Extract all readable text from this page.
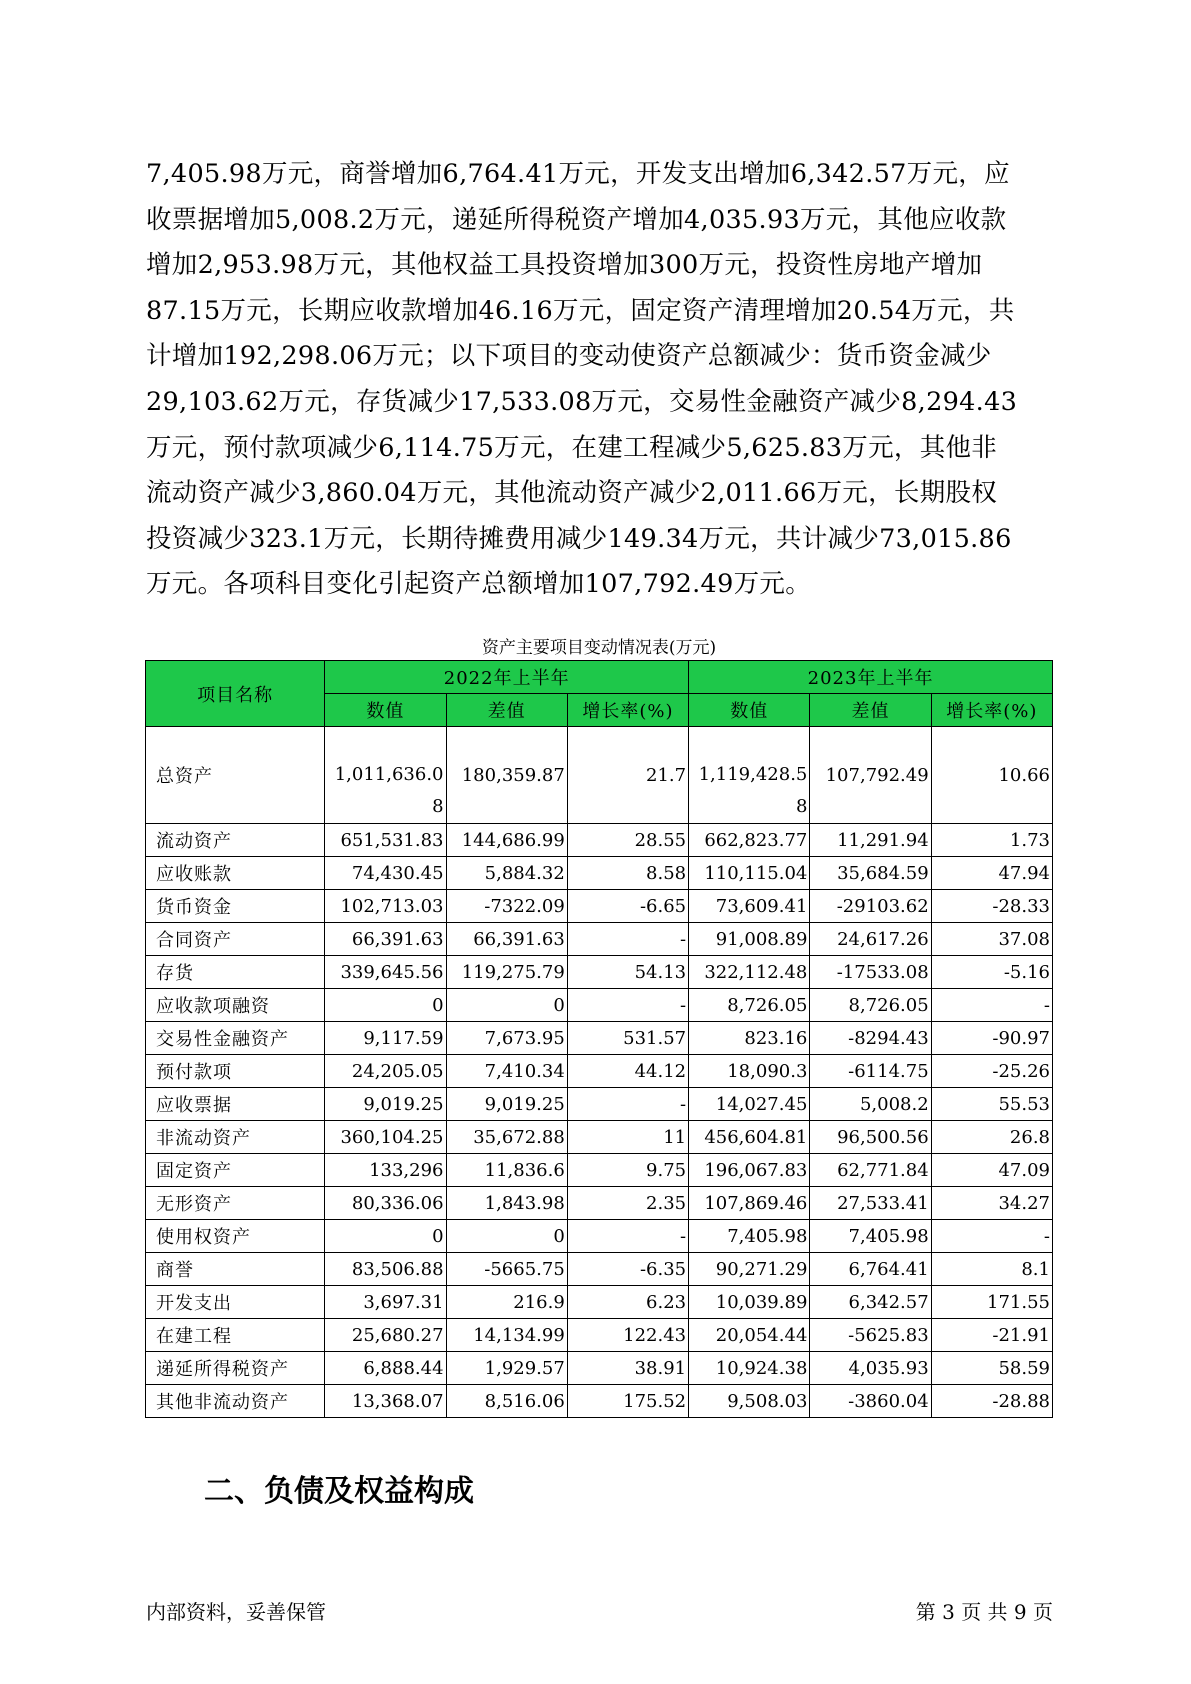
7,405.98万元，商誉增加6,764.41万元，开发支出增加6,342.57万元，应

收票据增加5,008.2万元，递延所得税资产增加4,035.93万元，其他应收款

增加2,953.98万元，其他权益工具投资增加300万元，投资性房地产增加

87.15万元，长期应收款增加46.16万元，固定资产清理增加20.54万元，共

计增加192,298.06万元；以下项目的变动使资产总额减少：货币资金减少

29,103.62万元，存货减少17,533.08万元，交易性金融资产减少8,294.43

万元，预付款项减少6,114.75万元，在建工程减少5,625.83万元，其他非

流动资产减少3,860.04万元，其他流动资产减少2,011.66万元，长期股权

投资减少323.1万元，长期待摊费用减少149.34万元，共计减少73,015.86

万元。各项科目变化引起资产总额增加107,792.49万元。

资产主要项目变动情况表(万元)
项目名称	2022年上半年			2023年上半年		
	数值	差值	增长率(%)	数值	差值	增长率(%)
总资产	1,011,636.08	180,359.87	21.7	1,119,428.58	107,792.49	10.66
流动资产	651,531.83	144,686.99	28.55	662,823.77	11,291.94	1.73
应收账款	74,430.45	5,884.32	8.58	110,115.04	35,684.59	47.94
货币资金	102,713.03	-7322.09	-6.65	73,609.41	-29103.62	-28.33
合同资产	66,391.63	66,391.63	-	91,008.89	24,617.26	37.08
存货	339,645.56	119,275.79	54.13	322,112.48	-17533.08	-5.16
应收款项融资	0	0	-	8,726.05	8,726.05	-
交易性金融资产	9,117.59	7,673.95	531.57	823.16	-8294.43	-90.97
预付款项	24,205.05	7,410.34	44.12	18,090.3	-6114.75	-25.26
应收票据	9,019.25	9,019.25	-	14,027.45	5,008.2	55.53
非流动资产	360,104.25	35,672.88	11	456,604.81	96,500.56	26.8
固定资产	133,296	11,836.6	9.75	196,067.83	62,771.84	47.09
无形资产	80,336.06	1,843.98	2.35	107,869.46	27,533.41	34.27
使用权资产	0	0	-	7,405.98	7,405.98	-
商誉	83,506.88	-5665.75	-6.35	90,271.29	6,764.41	8.1
开发支出	3,697.31	216.9	6.23	10,039.89	6,342.57	171.55
在建工程	25,680.27	14,134.99	122.43	20,054.44	-5625.83	-21.91
递延所得税资产	6,888.44	1,929.57	38.91	10,924.38	4,035.93	58.59
其他非流动资产	13,368.07	8,516.06	175.52	9,508.03	-3860.04	-28.88
二、负债及权益构成
内部资料，妥善保管	第 3 页 共 9 页
